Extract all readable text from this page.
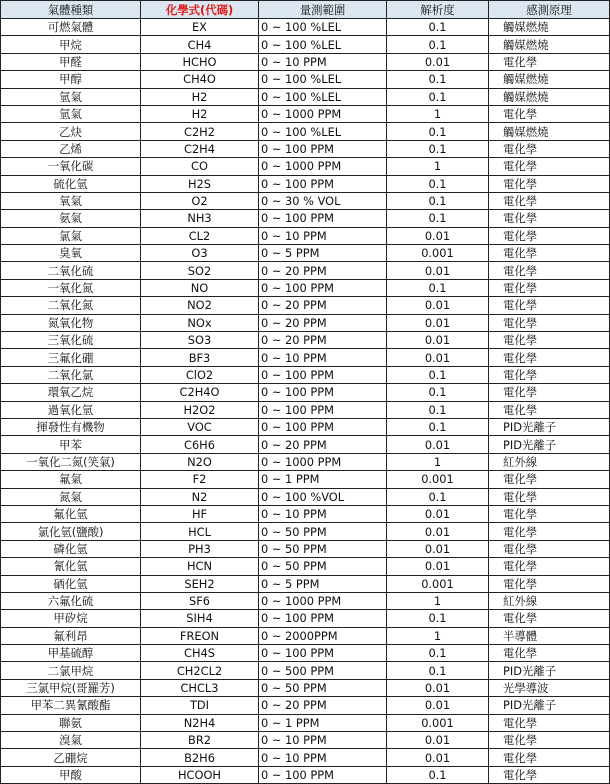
氣體種類	化學式(代碼)	量測範圍	解析度	感測原理
可燃氣體	EX	0 ~ 100 %LEL	0.1	觸媒燃燒
甲烷	CH4	0 ~ 100 %LEL	0.1	觸媒燃燒
甲醛	HCHO	0 ~ 10 PPM	0.01	電化學
甲醇	CH4O	0 ~ 100 %LEL	0.1	觸媒燃燒
氫氣	H2	0 ~ 100 %LEL	0.1	觸媒燃燒
氫氣	H2	0 ~ 1000 PPM	1	電化學
乙炔	C2H2	0 ~ 100 %LEL	0.1	觸媒燃燒
乙烯	C2H4	0 ~ 100 PPM	0.1	電化學
一氧化碳	CO	0 ~ 1000 PPM	1	電化學
硫化氫	H2S	0 ~ 100 PPM	0.1	電化學
氧氣	O2	0 ~ 30 % VOL	0.1	電化學
氨氣	NH3	0 ~ 100 PPM	0.1	電化學
氯氣	CL2	0 ~ 10 PPM	0.01	電化學
臭氧	O3	0 ~ 5 PPM	0.001	電化學
二氧化硫	SO2	0 ~ 20 PPM	0.01	電化學
一氧化氮	NO	0 ~ 100 PPM	0.1	電化學
二氧化氮	NO2	0 ~ 20 PPM	0.01	電化學
氮氧化物	NOx	0 ~ 20 PPM	0.01	電化學
三氧化硫	SO3	0 ~ 20 PPM	0.01	電化學
三氟化硼	BF3	0 ~ 10 PPM	0.01	電化學
二氧化氯	ClO2	0 ~ 100 PPM	0.1	電化學
環氧乙烷	C2H4O	0 ~ 100 PPM	0.1	電化學
過氧化氫	H2O2	0 ~ 100 PPM	0.1	電化學
揮發性有機物	VOC	0 ~ 100 PPM	0.1	PID光離子
甲苯	C6H6	0 ~ 20 PPM	0.01	PID光離子
一氧化二氮(笑氣)	N2O	0 ~ 1000 PPM	1	紅外線
氟氣	F2	0 ~ 1 PPM	0.001	電化學
氮氣	N2	0 ~ 100 %VOL	0.1	電化學
氟化氫	HF	0 ~ 10 PPM	0.01	電化學
氯化氫(鹽酸)	HCL	0 ~ 50 PPM	0.01	電化學
磷化氫	PH3	0 ~ 50 PPM	0.01	電化學
氰化氫	HCN	0 ~ 50 PPM	0.01	電化學
硒化氫	SEH2	0 ~ 5 PPM	0.001	電化學
六氟化硫	SF6	0 ~ 1000 PPM	1	紅外線
甲矽烷	SIH4	0 ~ 100 PPM	0.1	電化學
氟利昂	FREON	0 ~ 2000PPM	1	半導體
甲基硫醇	CH4S	0 ~ 100 PPM	0.1	電化學
二氯甲烷	CH2CL2	0 ~ 500 PPM	0.1	PID光離子
三氯甲烷(哥羅芳)	CHCL3	0 ~ 50 PPM	0.01	光學導波
甲苯二異氰酸酯	TDI	0 ~ 20 PPM	0.01	PID光離子
聯氨	N2H4	0 ~ 1 PPM	0.001	電化學
溴氣	BR2	0 ~ 10 PPM	0.01	電化學
乙硼烷	B2H6	0 ~ 10 PPM	0.01	電化學
甲酸	HCOOH	0 ~ 100 PPM	0.1	電化學
